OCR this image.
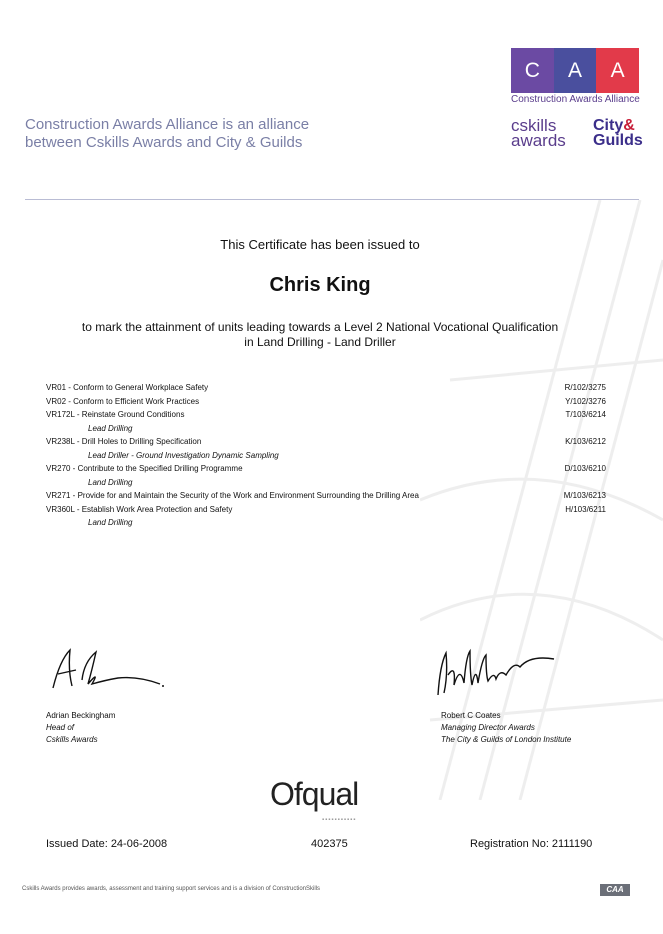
C	A	A
Construction Awards Alliance
cskills
awards
City&
Guilds
Construction Awards Alliance is an alliance
between Cskills Awards and City & Guilds
This Certificate has been issued to
Chris King
to mark the attainment of units leading towards a Level 2 National Vocational Qualification
in Land Drilling - Land Driller
VR01 - Conform to General Workplace Safety	R/102/3275
VR02 - Conform to Efficient Work Practices	Y/102/3276
VR172L - Reinstate Ground Conditions	T/103/6214
Lead Drilling
VR238L - Drill Holes to Drilling Specification	K/103/6212
Lead Driller - Ground Investigation Dynamic Sampling
VR270 - Contribute to the Specified Drilling Programme	D/103/6210
Land Drilling
VR271 - Provide for and Maintain the Security of the Work and Environment Surrounding the Drilling Area	M/103/6213
VR360L - Establish Work Area Protection and Safety	H/103/6211
Land Drilling
Adrian Beckingham
Head of
Cskills Awards
Robert C Coates
Managing Director Awards
The City & Guilds of London Institute
Ofqual
▪▪▪▪▪▪▪▪▪▪▪
Issued Date: 24-06-2008	402375	Registration No: 2111190
Cskills Awards provides awards, assessment and training support services and is a division of ConstructionSkills	CAA
